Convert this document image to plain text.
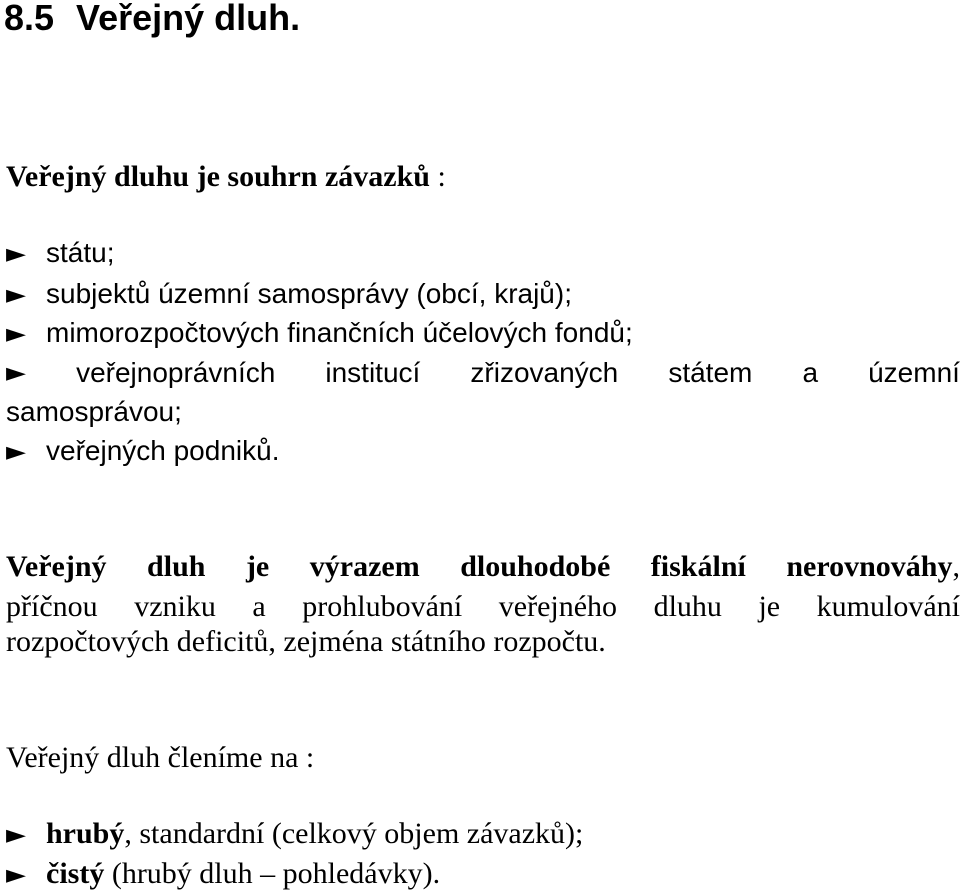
8.5 Veřejný dluh.
Veřejný dluhu je souhrn závazků :
► státu;
► subjektů územní samosprávy (obcí, krajů);
► mimorozpočtových finančních účelových fondů;
► veřejnoprávních institucí zřizovaných státem a územní
samosprávou;
► veřejných podniků.
Veřejný dluh je výrazem dlouhodobé fiskální nerovnováhy,
příčnou vzniku a prohlubování veřejného dluhu je kumulování
rozpočtových deficitů, zejména státního rozpočtu.
Veřejný dluh členíme na :
► hrubý, standardní (celkový objem závazků);
► čistý (hrubý dluh – pohledávky).
